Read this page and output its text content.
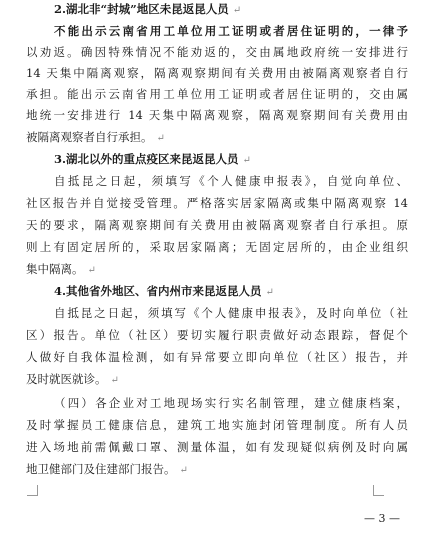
2.湖北非“封城”地区未昆返昆人员 ↵
不能出示云南省用工单位用工证明或者居住证明的，一律予
以劝返。确因特殊情况不能劝返的，交由属地政府统一安排进行
14 天集中隔离观察，隔离观察期间有关费用由被隔离观察者自行
承担。能出示云南省用工单位用工证明或者居住证明的，交由属
地统一安排进行 14 天集中隔离观察，隔离观察期间有关费用由
被隔离观察者自行承担。 ↵
3.湖北以外的重点疫区来昆返昆人员 ↵
自抵昆之日起，须填写《个人健康申报表》，自觉向单位、
社区报告并自觉接受管理。严格落实居家隔离或集中隔离观察 14
天的要求，隔离观察期间有关费用由被隔离观察者自行承担。原
则上有固定居所的，采取居家隔离；无固定居所的，由企业组织
集中隔离。 ↵
4.其他省外地区、省内州市来昆返昆人员 ↵
自抵昆之日起，须填写《个人健康申报表》，及时向单位（社
区）报告。单位（社区）要切实履行职责做好动态跟踪，督促个
人做好自我体温检测，如有异常要立即向单位（社区）报告，并
及时就医就诊。 ↵
（四）各企业对工地现场实行实名制管理，建立健康档案，
及时掌握员工健康信息，建筑工地实施封闭管理制度。所有人员
进入场地前需佩戴口罩、测量体温，如有发现疑似病例及时向属
地卫健部门及住建部门报告。 ↵
— 3 —
